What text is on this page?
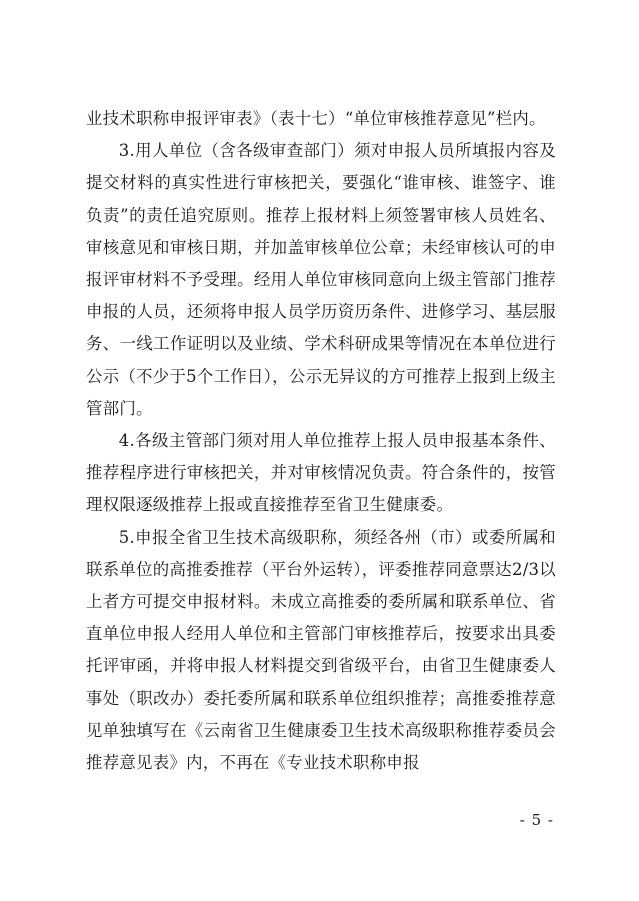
业技术职称申报评审表》（表十七）“单位审核推荐意见”栏内。

3.用人单位（含各级审查部门）须对申报人员所填报内容及提交材料的真实性进行审核把关，要强化“谁审核、谁签字、谁负责”的责任追究原则。推荐上报材料上须签署审核人员姓名、审核意见和审核日期，并加盖审核单位公章；未经审核认可的申报评审材料不予受理。经用人单位审核同意向上级主管部门推荐申报的人员，还须将申报人员学历资历条件、进修学习、基层服务、一线工作证明以及业绩、学术科研成果等情况在本单位进行公示（不少于5个工作日），公示无异议的方可推荐上报到上级主管部门。

4.各级主管部门须对用人单位推荐上报人员申报基本条件、推荐程序进行审核把关，并对审核情况负责。符合条件的，按管理权限逐级推荐上报或直接推荐至省卫生健康委。

5.申报全省卫生技术高级职称，须经各州（市）或委所属和联系单位的高推委推荐（平台外运转），评委推荐同意票达2/3以上者方可提交申报材料。未成立高推委的委所属和联系单位、省直单位申报人经用人单位和主管部门审核推荐后，按要求出具委托评审函，并将申报人材料提交到省级平台，由省卫生健康委人事处（职改办）委托委所属和联系单位组织推荐；高推委推荐意见单独填写在《云南省卫生健康委卫生技术高级职称推荐委员会推荐意见表》内，不再在《专业技术职称申报

- 5 -
